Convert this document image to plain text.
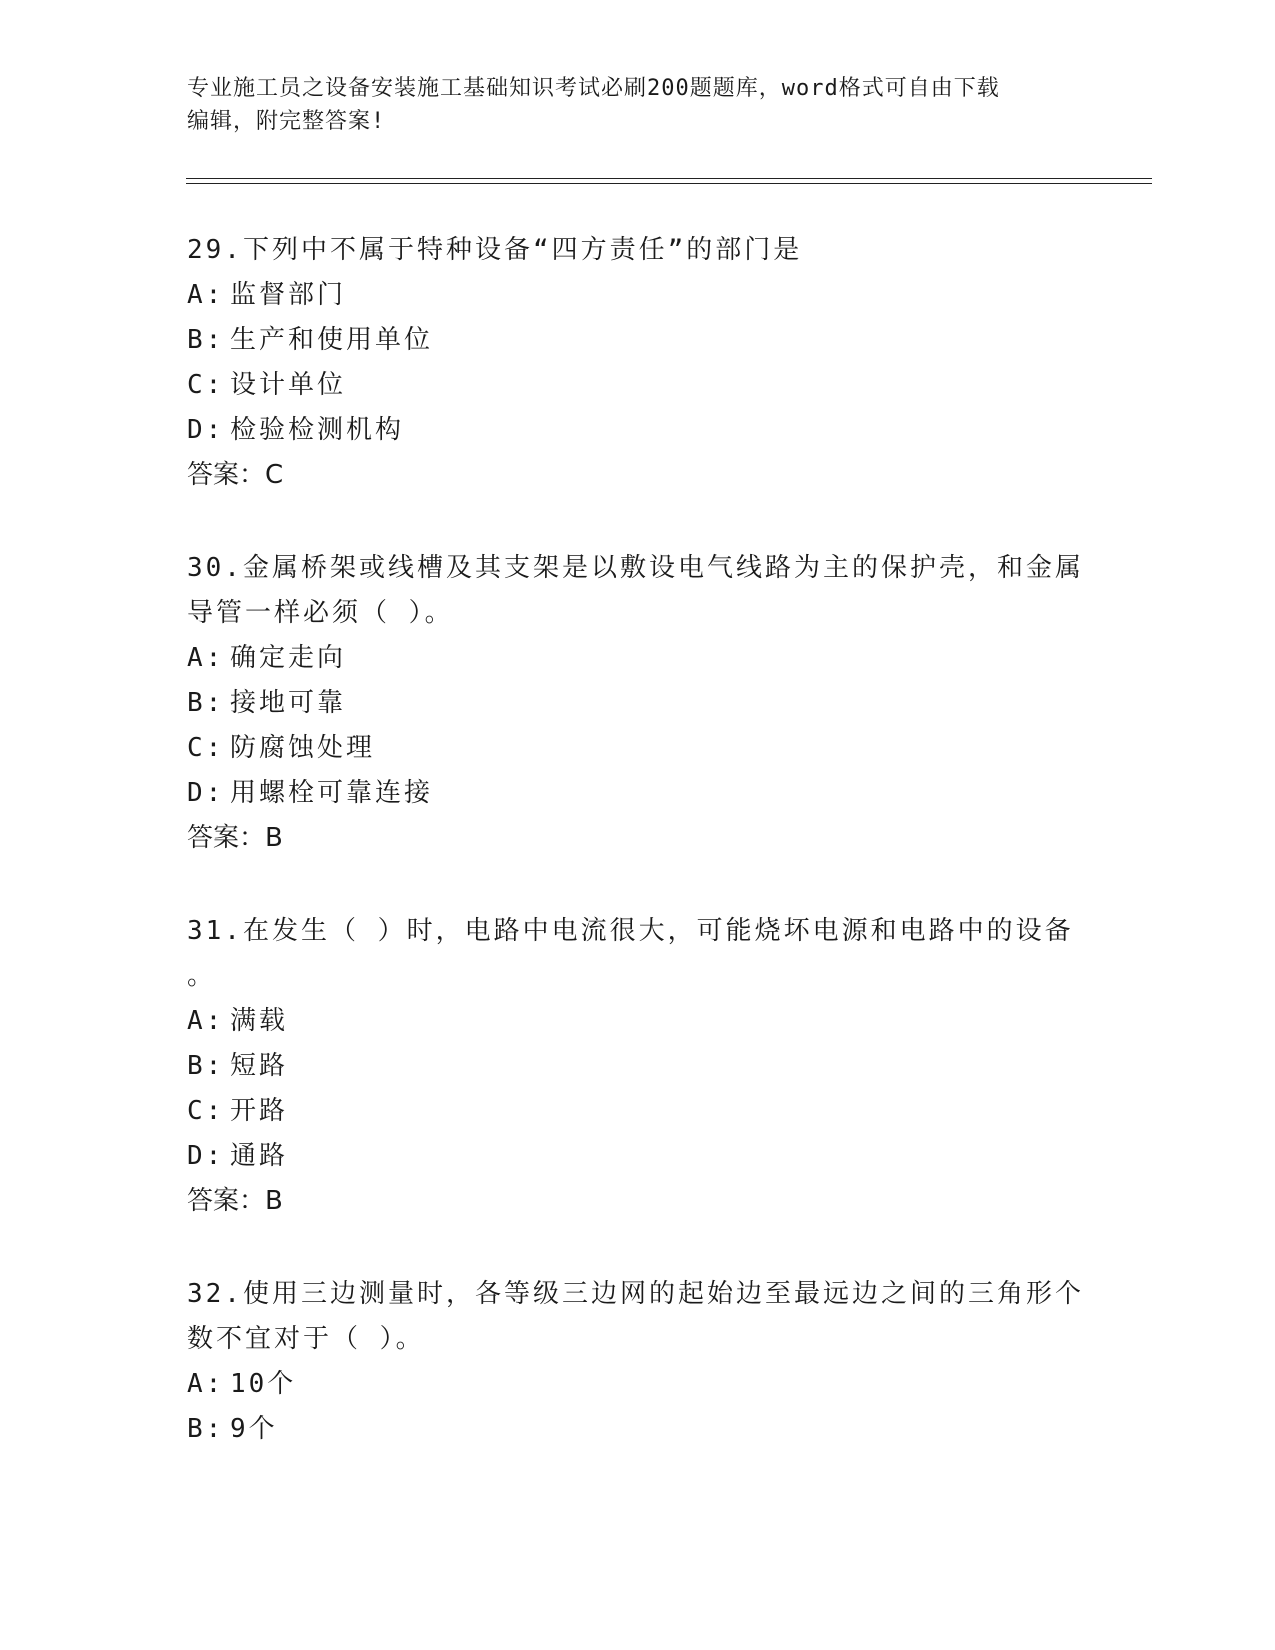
专业施工员之设备安装施工基础知识考试必刷200题题库，word格式可自由下载
编辑，附完整答案!

29.下列中不属于特种设备“四方责任”的部门是

A: 监督部门

B: 生产和使用单位

C: 设计单位

D: 检验检测机构

答案：C

30.金属桥架或线槽及其支架是以敷设电气线路为主的保护壳，和金属

导管一样必须（ ）。

A: 确定走向

B: 接地可靠

C: 防腐蚀处理

D: 用螺栓可靠连接

答案：B

31.在发生（ ）时，电路中电流很大，可能烧坏电源和电路中的设备

。

A: 满载

B: 短路

C: 开路

D: 通路

答案：B

32.使用三边测量时，各等级三边网的起始边至最远边之间的三角形个

数不宜对于（ ）。

A: 10个

B: 9个
